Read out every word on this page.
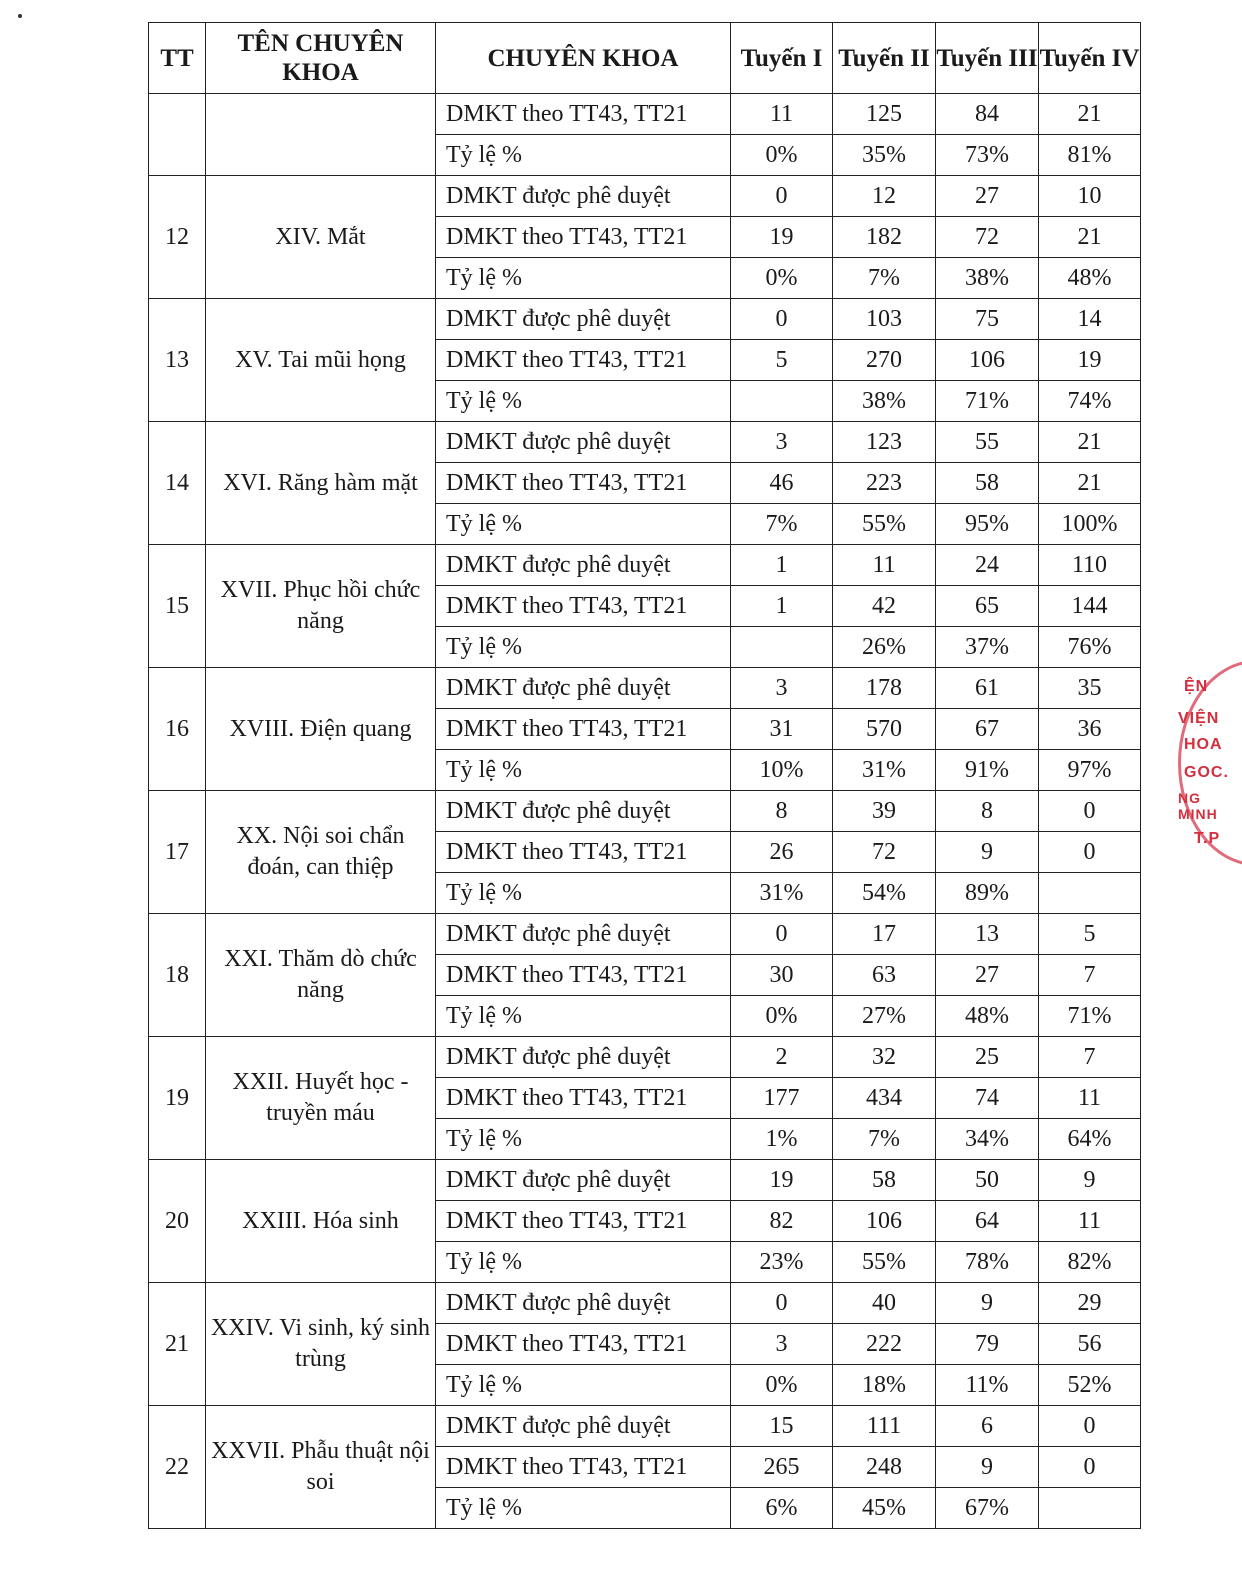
TT	TÊN CHUYÊN KHOA	CHUYÊN KHOA	Tuyến I	Tuyến II	Tuyến III	Tuyến IV
		DMKT theo TT43, TT21	11	125	84	21
		Tỷ lệ %	0%	35%	73%	81%
12	XIV. Mắt	DMKT được phê duyệt	0	12	27	10
		DMKT theo TT43, TT21	19	182	72	21
		Tỷ lệ %	0%	7%	38%	48%
13	XV. Tai mũi họng	DMKT được phê duyệt	0	103	75	14
		DMKT theo TT43, TT21	5	270	106	19
		Tỷ lệ %		38%	71%	74%
14	XVI. Răng hàm mặt	DMKT được phê duyệt	3	123	55	21
		DMKT theo TT43, TT21	46	223	58	21
		Tỷ lệ %	7%	55%	95%	100%
15	XVII. Phục hồi chức năng	DMKT được phê duyệt	1	11	24	110
		DMKT theo TT43, TT21	1	42	65	144
		Tỷ lệ %		26%	37%	76%
16	XVIII. Điện quang	DMKT được phê duyệt	3	178	61	35
		DMKT theo TT43, TT21	31	570	67	36
		Tỷ lệ %	10%	31%	91%	97%
17	XX. Nội soi chẩn đoán, can thiệp	DMKT được phê duyệt	8	39	8	0
		DMKT theo TT43, TT21	26	72	9	0
		Tỷ lệ %	31%	54%	89%	
18	XXI. Thăm dò chức năng	DMKT được phê duyệt	0	17	13	5
		DMKT theo TT43, TT21	30	63	27	7
		Tỷ lệ %	0%	27%	48%	71%
19	XXII. Huyết học - truyền máu	DMKT được phê duyệt	2	32	25	7
		DMKT theo TT43, TT21	177	434	74	11
		Tỷ lệ %	1%	7%	34%	64%
20	XXIII. Hóa sinh	DMKT được phê duyệt	19	58	50	9
		DMKT theo TT43, TT21	82	106	64	11
		Tỷ lệ %	23%	55%	78%	82%
21	XXIV. Vi sinh, ký sinh trùng	DMKT được phê duyệt	0	40	9	29
		DMKT theo TT43, TT21	3	222	79	56
		Tỷ lệ %	0%	18%	11%	52%
22	XXVII. Phẫu thuật nội soi	DMKT được phê duyệt	15	111	6	0
		DMKT theo TT43, TT21	265	248	9	0
		Tỷ lệ %	6%	45%	67%	
ỆN
VIỆN
HOA
GOC.
NG MINH
T.P
